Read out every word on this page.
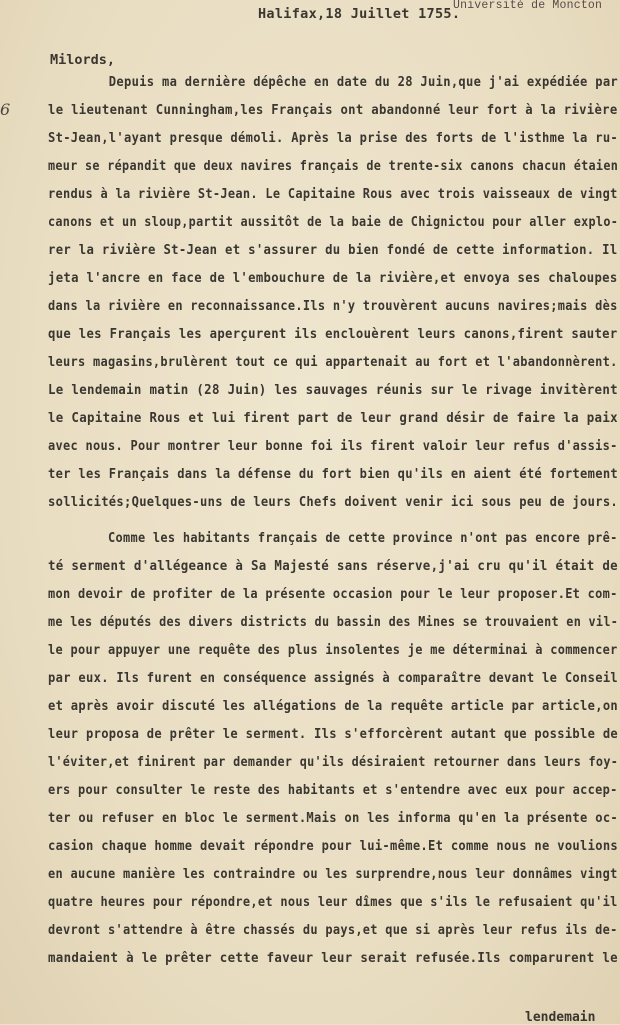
Université de Moncton
Halifax,18 Juillet 1755.
6
Milords,
Depuis ma dernière dépêche en date du 28 Juin,que j'ai expédiée par
le lieutenant Cunningham,les Français ont abandonné leur fort à la rivière
St-Jean,l'ayant presque démoli. Après la prise des forts de l'isthme la ru-
meur se répandit que deux navires français de trente-six canons chacun étaien
rendus à la rivière St-Jean. Le Capitaine Rous avec trois vaisseaux de vingt
canons et un sloup,partit aussitôt de la baie de Chignictou pour aller explo-
rer la rivière St-Jean et s'assurer du bien fondé de cette information. Il
jeta l'ancre en face de l'embouchure de la rivière,et envoya ses chaloupes
dans la rivière en reconnaissance.Ils n'y trouvèrent aucuns navires;mais dès
que les Français les aperçurent ils enclouèrent leurs canons,firent sauter
leurs magasins,brulèrent tout ce qui appartenait au fort et l'abandonnèrent.
Le lendemain matin (28 Juin) les sauvages réunis sur le rivage invitèrent
le Capitaine Rous et lui firent part de leur grand désir de faire la paix
avec nous. Pour montrer leur bonne foi ils firent valoir leur refus d'assis-
ter les Français dans la défense du fort bien qu'ils en aient été fortement
sollicités;Quelques-uns de leurs Chefs doivent venir ici sous peu de jours.
Comme les habitants français de cette province n'ont pas encore prê-
té serment d'allégeance à Sa Majesté sans réserve,j'ai cru qu'il était de
mon devoir de profiter de la présente occasion pour le leur proposer.Et com-
me les députés des divers districts du bassin des Mines se trouvaient en vil-
le pour appuyer une requête des plus insolentes je me déterminai à commencer
par eux. Ils furent en conséquence assignés à comparaître devant le Conseil
et après avoir discuté les allégations de la requête article par article,on
leur proposa de prêter le serment. Ils s'efforcèrent autant que possible de
l'éviter,et finirent par demander qu'ils désiraient retourner dans leurs foy-
ers pour consulter le reste des habitants et s'entendre avec eux pour accep-
ter ou refuser en bloc le serment.Mais on les informa qu'en la présente oc-
casion chaque homme devait répondre pour lui-même.Et comme nous ne voulions
en aucune manière les contraindre ou les surprendre,nous leur donnâmes vingt
quatre heures pour répondre,et nous leur dîmes que s'ils le refusaient qu'il
devront s'attendre à être chassés du pays,et que si après leur refus ils de-
mandaient à le prêter cette faveur leur serait refusée.Ils comparurent le
lendemain
